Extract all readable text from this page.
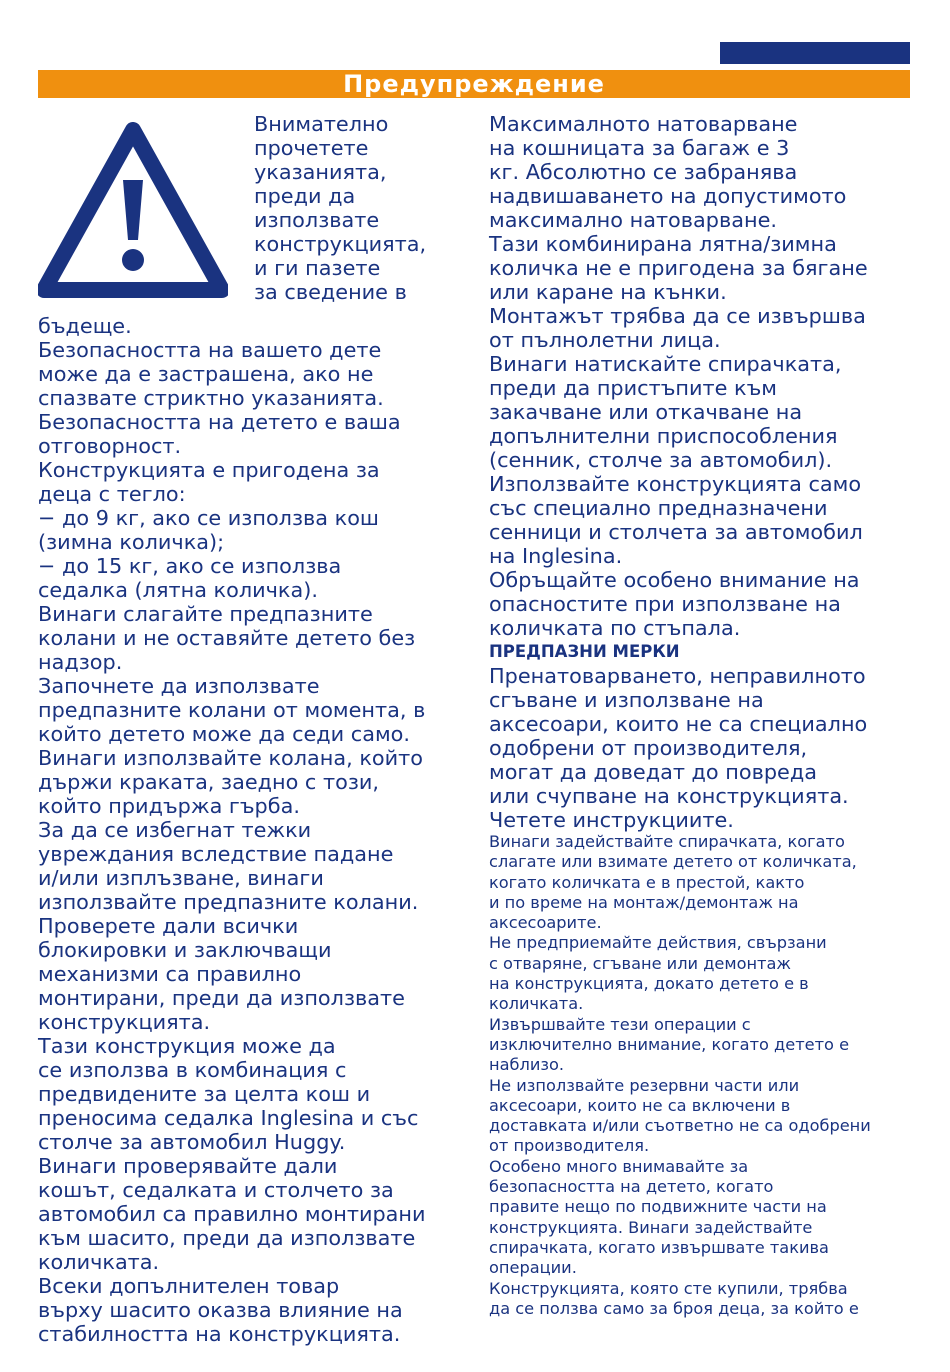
Предупреждение
Внимателно
прочетете
указанията,
преди да
използвате
конструкцията,
и ги пазете
за сведение в
бъдеще.
Безопасността на вашето дете
може да е застрашена, ако не
спазвате стриктно указанията.
Безопасността на детето е ваша
отговорност.
Конструкцията е пригодена за
деца с тегло:
− до 9 кг, ако се използва кош
(зимна количка);
− до 15 кг, ако се използва
седалка (лятна количка).
Винаги слагайте предпазните
колани и не оставяйте детето без
надзор.
Започнете да използвате
предпазните колани от момента, в
който детето може да седи само.
Винаги използвайте колана, който
държи краката, заедно с този,
който придържа гърба.
За да се избегнат тежки
увреждания вследствие падане
и/или изплъзване, винаги
използвайте предпазните колани.
Проверете дали всички
блокировки и заключващи
механизми са правилно
монтирани, преди да използвате
конструкцията.
Тази конструкция може да
се използва в комбинация с
предвидените за целта кош и
преносима седалка Inglesina и със
столче за автомобил Huggy.
Винаги проверявайте дали
кошът, седалката и столчето за
автомобил са правилно монтирани
към шасито, преди да използвате
количката.
Всеки допълнителен товар
върху шасито оказва влияние на
стабилността на конструкцията.
Максималното натоварване
на кошницата за багаж е 3
кг. Абсолютно се забранява
надвишаването на допустимото
максимално натоварване.
Тази комбинирана лятна/зимна
количка не е пригодена за бягане
или каране на кънки.
Монтажът трябва да се извършва
от пълнолетни лица.
Винаги натискайте спирачката,
преди да пристъпите към
закачване или откачване на
допълнителни приспособления
(сенник, столче за автомобил).
Използвайте конструкцията само
със специално предназначени
сенници и столчета за автомобил
на Inglesina.
Обръщайте особено внимание на
опасностите при използване на
количката по стъпала.
ПРЕДПАЗНИ МЕРКИ
Пренатоварването, неправилното
сгъване и използване на
аксесоари, които не са специално
одобрени от производителя,
могат да доведат до повреда
или счупване на конструкцията.
Четете инструкциите.
Винаги задействайте спирачката, когато
слагате или взимате детето от количката,
когато количката е в престой, както
и по време на монтаж/демонтаж на
аксесоарите.
Не предприемайте действия, свързани
с отваряне, сгъване или демонтаж
на конструкцията, докато детето е в
количката.
Извършвайте тези операции с
изключително внимание, когато детето е
наблизо.
Не използвайте резервни части или
аксесоари, които не са включени в
доставката и/или съответно не са одобрени
от производителя.
Особено много внимавайте за
безопасността на детето, когато
правите нещо по подвижните части на
конструкцията. Винаги задействайте
спирачката, когато извършвате такива
операции.
Конструкцията, която сте купили, трябва
да се ползва само за броя деца, за който е
